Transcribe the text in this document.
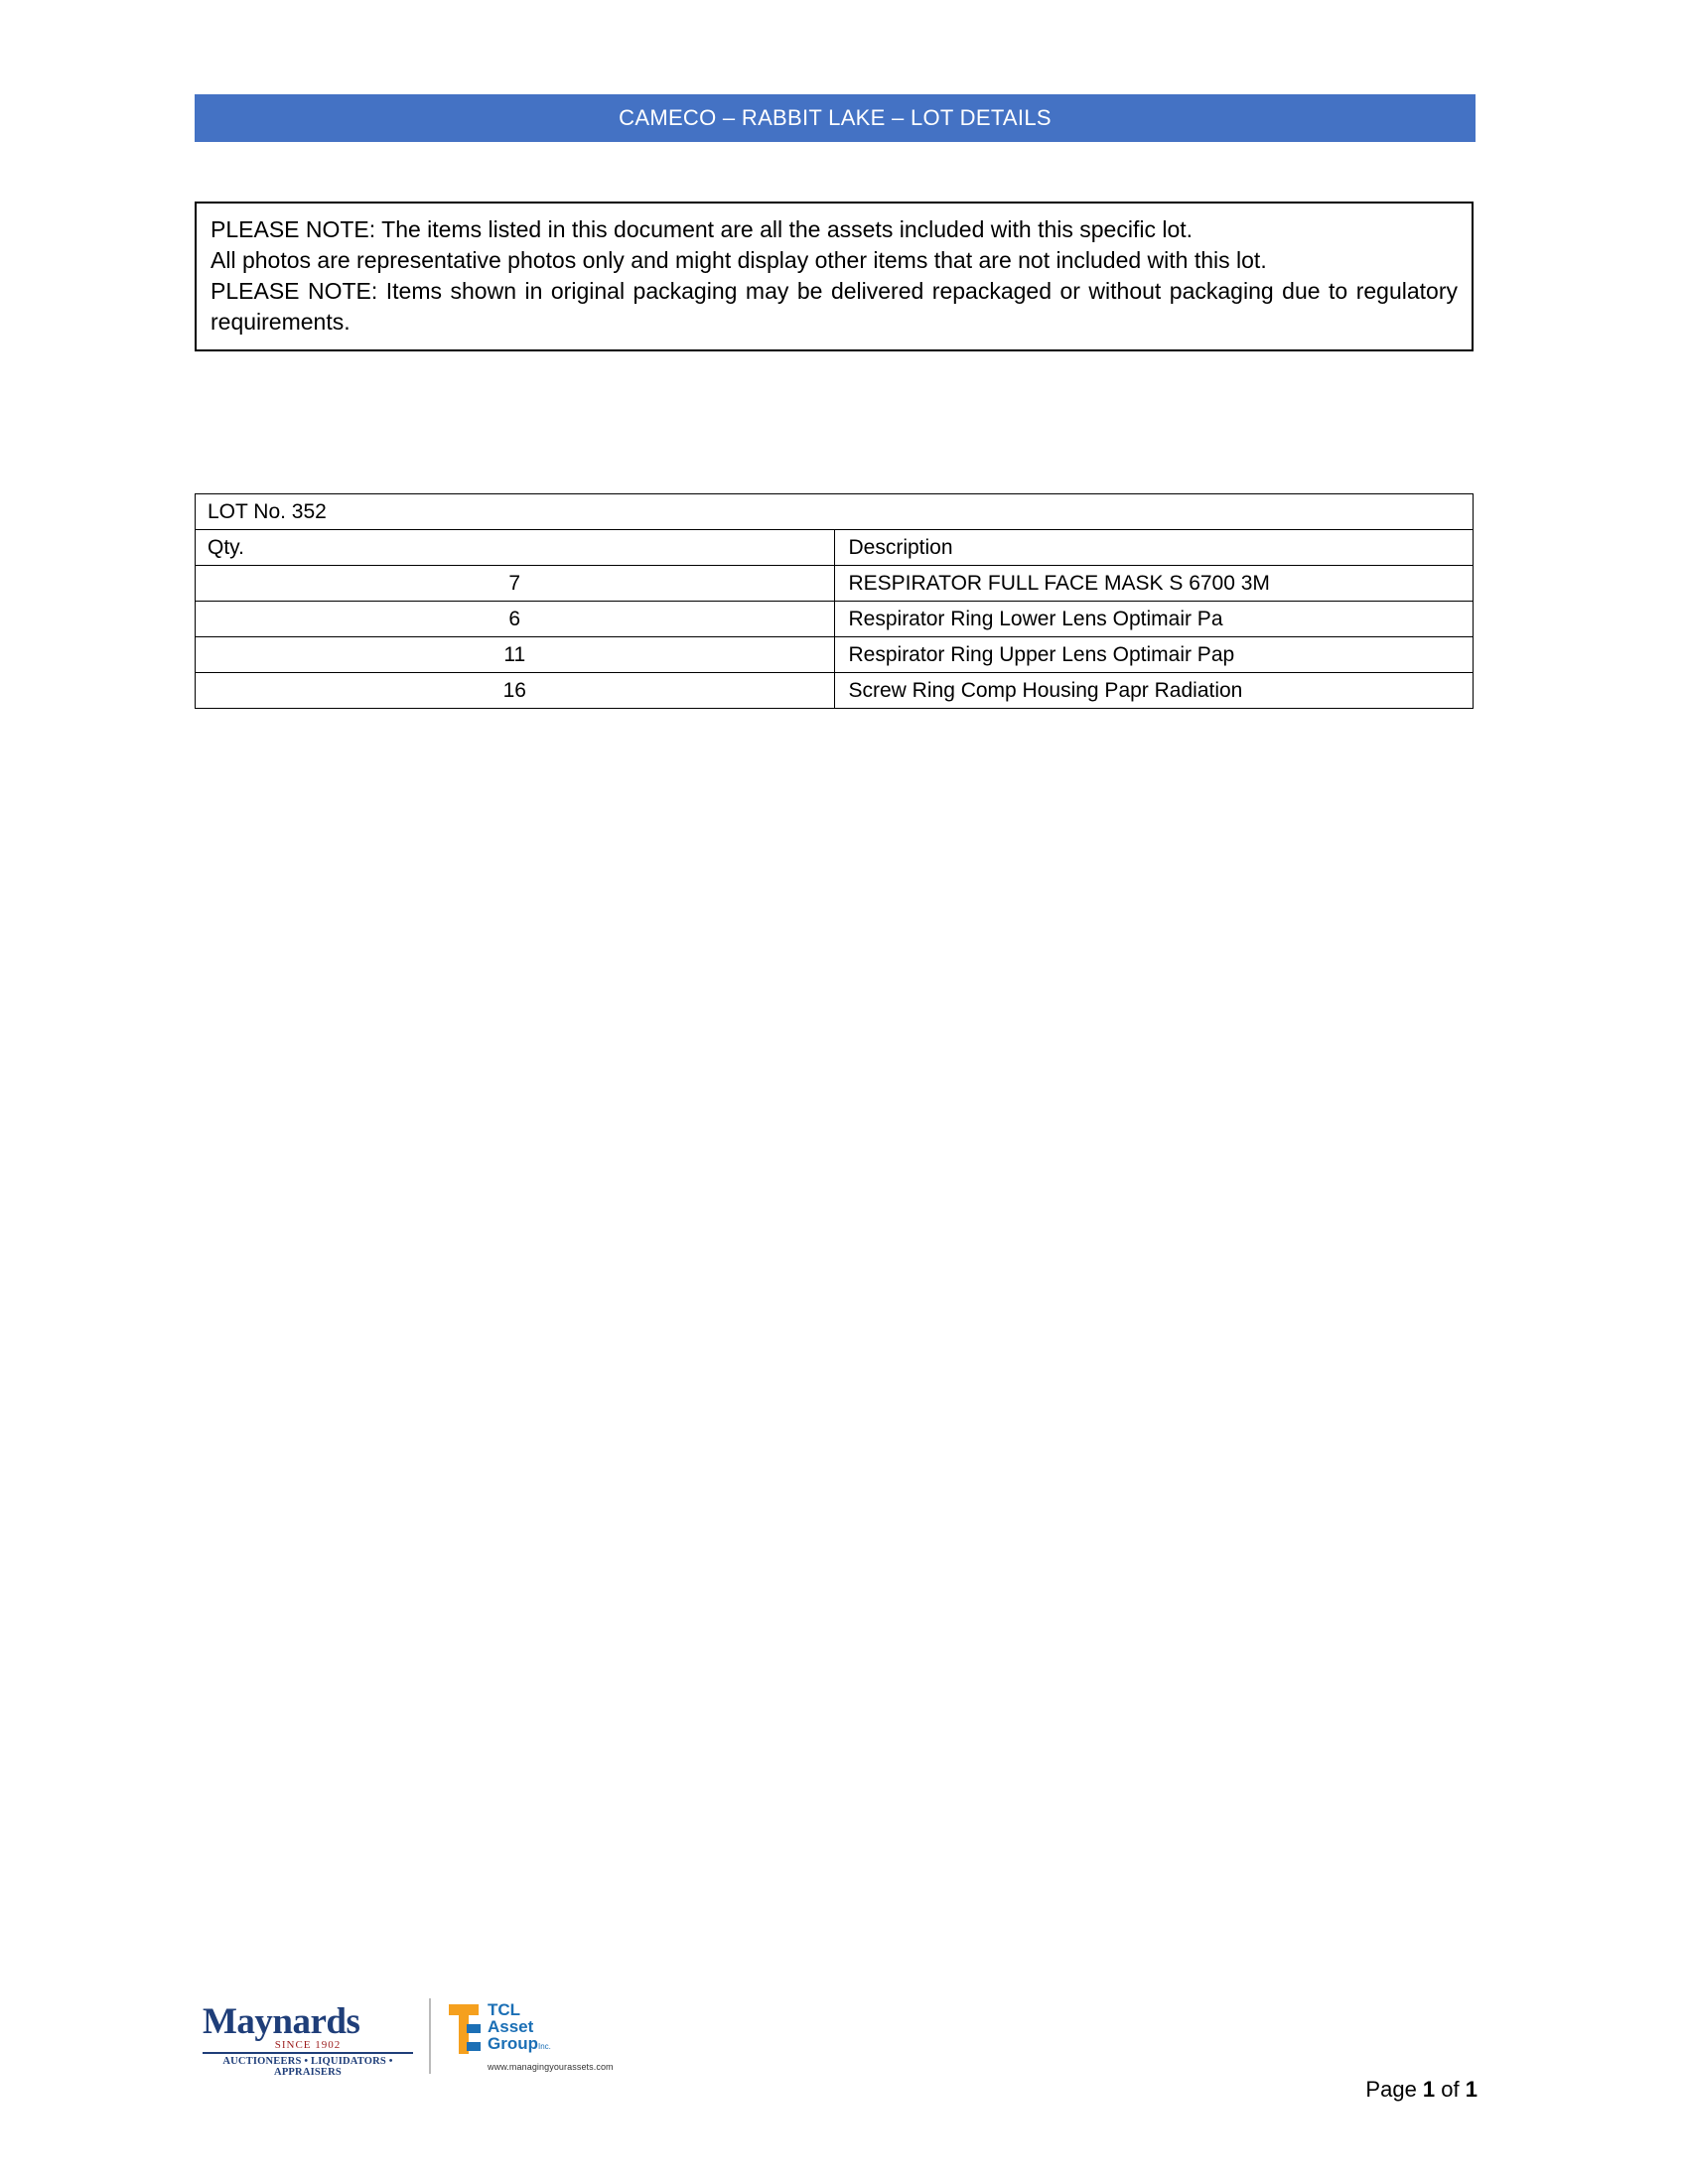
CAMECO – RABBIT LAKE – LOT DETAILS
PLEASE NOTE: The items listed in this document are all the assets included with this specific lot.
All photos are representative photos only and might display other items that are not included with this lot.
PLEASE NOTE: Items shown in original packaging may be delivered repackaged or without packaging due to regulatory requirements.
LOT No. 352	
Qty.	Description
7	RESPIRATOR FULL FACE MASK S 6700 3M
6	Respirator Ring Lower Lens Optimair Pa
11	Respirator Ring Upper Lens Optimair Pap
16	Screw Ring Comp Housing Papr Radiation
Maynards
SINCE 1902
AUCTIONEERS • LIQUIDATORS • APPRAISERS
TCL
Asset
GroupInc.
www.managingyourassets.com
Page 1 of 1
